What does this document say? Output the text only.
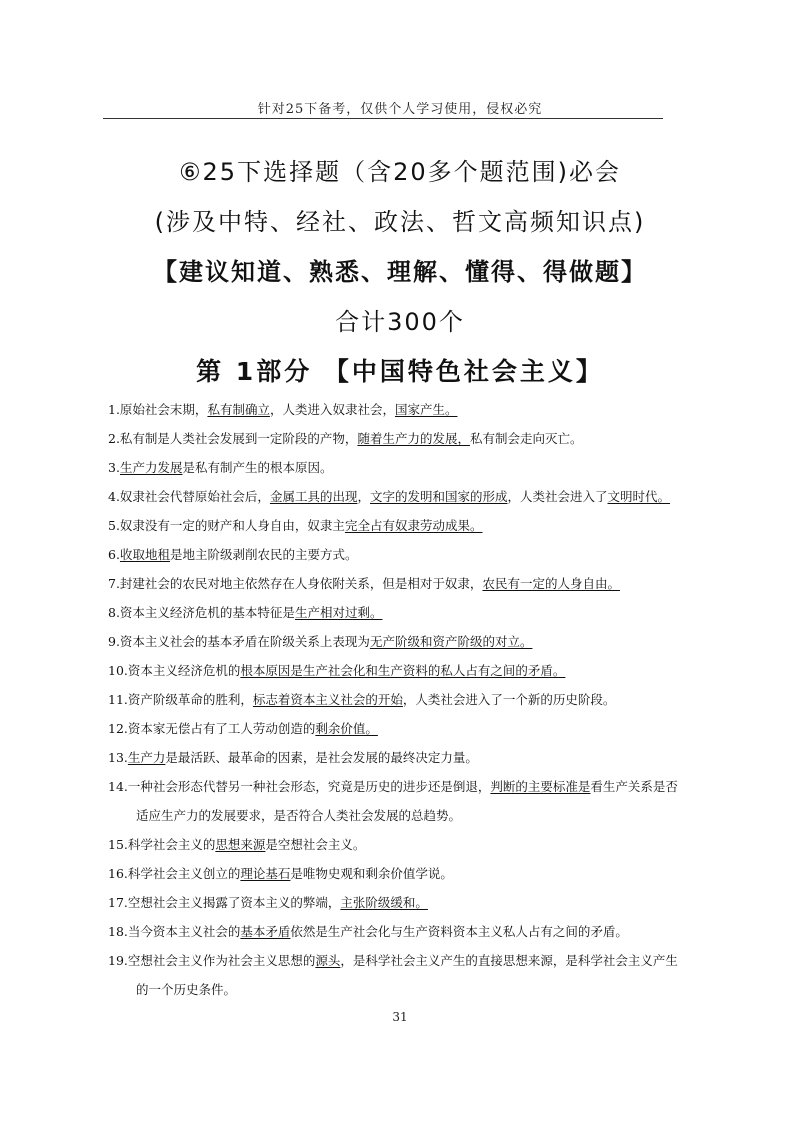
针对25下备考，仅供个人学习使用，侵权必究
⑥25下选择题（含20多个题范围)必会
(涉及中特、经社、政法、哲文高频知识点)
【建议知道、熟悉、理解、懂得、得做题】
合计300个
第 1部分 【中国特色社会主义】

1.原始社会末期，私有制确立，人类进入奴隶社会，国家产生。

2.私有制是人类社会发展到一定阶段的产物，随着生产力的发展，私有制会走向灭亡。

3.生产力发展是私有制产生的根本原因。

4.奴隶社会代替原始社会后，金属工具的出现，文字的发明和国家的形成，人类社会进入了文明时代。

5.奴隶没有一定的财产和人身自由，奴隶主完全占有奴隶劳动成果。

6.收取地租是地主阶级剥削农民的主要方式。

7.封建社会的农民对地主依然存在人身依附关系，但是相对于奴隶，农民有一定的人身自由。

8.资本主义经济危机的基本特征是生产相对过剩。

9.资本主义社会的基本矛盾在阶级关系上表现为无产阶级和资产阶级的对立。

10.资本主义经济危机的根本原因是生产社会化和生产资料的私人占有之间的矛盾。

11.资产阶级革命的胜利，标志着资本主义社会的开始，人类社会进入了一个新的历史阶段。

12.资本家无偿占有了工人劳动创造的剩余价值。

13.生产力是最活跃、最革命的因素，是社会发展的最终决定力量。

14.一种社会形态代替另一种社会形态，究竟是历史的进步还是倒退，判断的主要标准是看生产关系是否
适应生产力的发展要求，是否符合人类社会发展的总趋势。

15.科学社会主义的思想来源是空想社会主义。

16.科学社会主义创立的理论基石是唯物史观和剩余价值学说。

17.空想社会主义揭露了资本主义的弊端，主张阶级缓和。

18.当今资本主义社会的基本矛盾依然是生产社会化与生产资料资本主义私人占有之间的矛盾。

19.空想社会主义作为社会主义思想的源头，是科学社会主义产生的直接思想来源，是科学社会主义产生
的一个历史条件。

31
